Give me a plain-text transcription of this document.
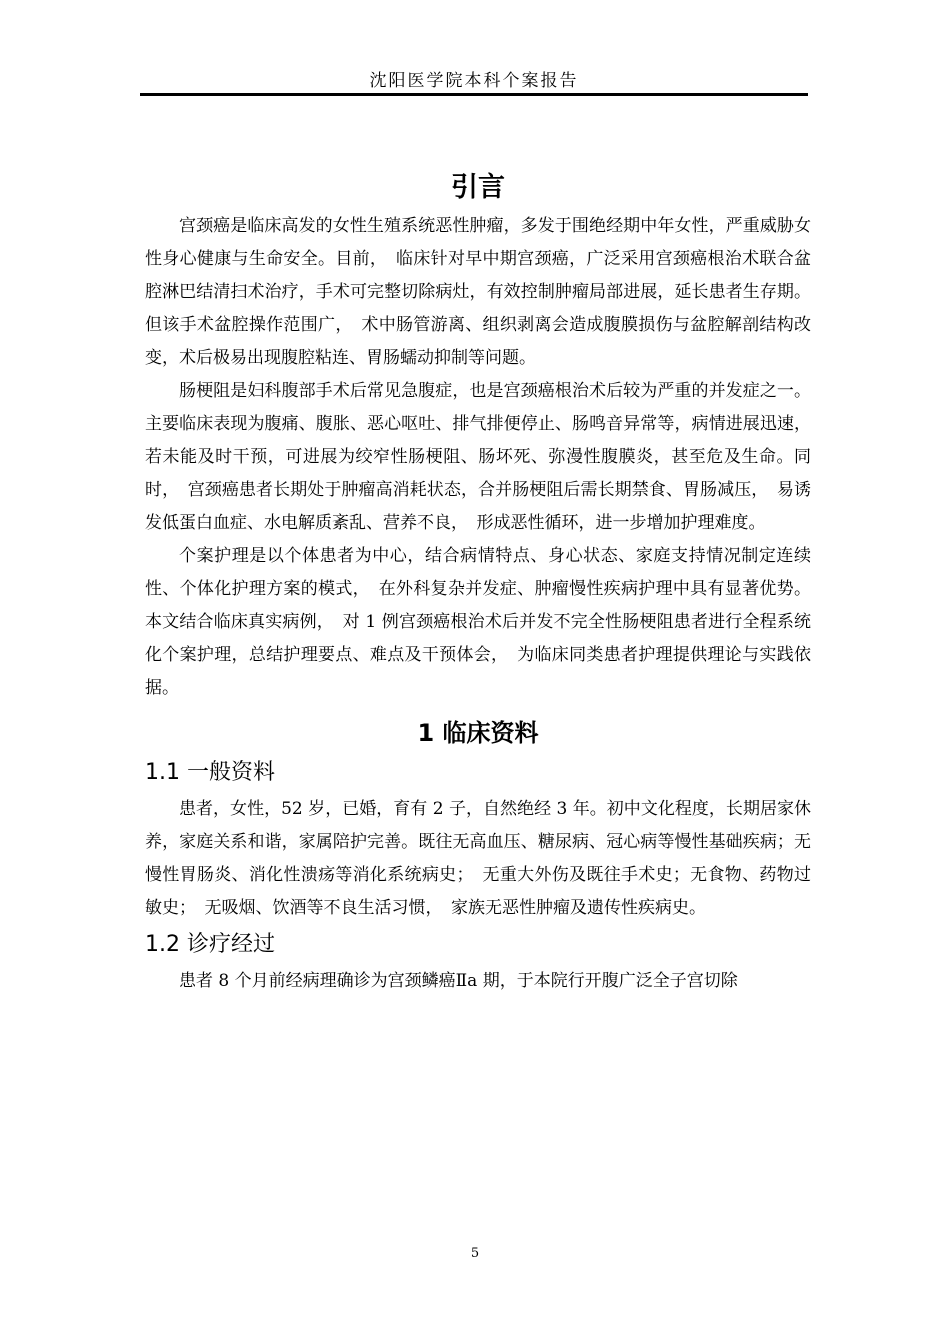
沈阳医学院本科个案报告
引言

宫颈癌是临床高发的女性生殖系统恶性肿瘤，多发于围绝经期中年女性，严重威胁女性身心健康与生命安全。目前，　临床针对早中期宫颈癌，广泛采用宫颈癌根治术联合盆腔淋巴结清扫术治疗，手术可完整切除病灶，有效控制肿瘤局部进展，延长患者生存期。但该手术盆腔操作范围广，　术中肠管游离、组织剥离会造成腹膜损伤与盆腔解剖结构改变，术后极易出现腹腔粘连、胃肠蠕动抑制等问题。

肠梗阻是妇科腹部手术后常见急腹症，也是宫颈癌根治术后较为严重的并发症之一。主要临床表现为腹痛、腹胀、恶心呕吐、排气排便停止、肠鸣音异常等，病情进展迅速，若未能及时干预，可进展为绞窄性肠梗阻、肠坏死、弥漫性腹膜炎，甚至危及生命。同时，　宫颈癌患者长期处于肿瘤高消耗状态，合并肠梗阻后需长期禁食、胃肠减压，　易诱发低蛋白血症、水电解质紊乱、营养不良，　形成恶性循环，进一步增加护理难度。

个案护理是以个体患者为中心，结合病情特点、身心状态、家庭支持情况制定连续性、个体化护理方案的模式，　在外科复杂并发症、肿瘤慢性疾病护理中具有显著优势。本文结合临床真实病例，　对 1 例宫颈癌根治术后并发不完全性肠梗阻患者进行全程系统化个案护理，总结护理要点、难点及干预体会，　为临床同类患者护理提供理论与实践依据。

1 临床资料
1.1 一般资料

患者，女性，52 岁，已婚，育有 2 子，自然绝经 3 年。初中文化程度，长期居家休养，家庭关系和谐，家属陪护完善。既往无高血压、糖尿病、冠心病等慢性基础疾病；无慢性胃肠炎、消化性溃疡等消化系统病史；　无重大外伤及既往手术史；无食物、药物过敏史；　无吸烟、饮酒等不良生活习惯，　家族无恶性肿瘤及遗传性疾病史。

1.2 诊疗经过

患者 8 个月前经病理确诊为宫颈鳞癌Ⅱa 期，于本院行开腹广泛全子宫切除

5
